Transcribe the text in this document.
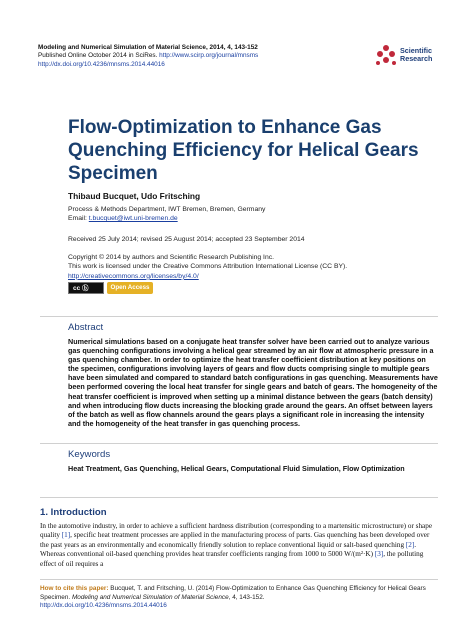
Modeling and Numerical Simulation of Material Science, 2014, 4, 143-152
Published Online October 2014 in SciRes. http://www.scirp.org/journal/mnsms
http://dx.doi.org/10.4236/mnsms.2014.44016
Scientific
Research
Flow-Optimization to Enhance Gas Quenching Efficiency for Helical Gears Specimen
Thibaud Bucquet, Udo Fritsching
Process & Methods Department, IWT Bremen, Bremen, Germany
Email: t.bucquet@iwt.uni-bremen.de
Received 25 July 2014; revised 25 August 2014; accepted 23 September 2014
Copyright © 2014 by authors and Scientific Research Publishing Inc.
This work is licensed under the Creative Commons Attribution International License (CC BY).
http://creativecommons.org/licenses/by/4.0/
cc ⓑ	Open Access
Abstract
Numerical simulations based on a conjugate heat transfer solver have been carried out to analyze various gas quenching configurations involving a helical gear streamed by an air flow at atmospheric pressure in a gas quenching chamber. In order to optimize the heat transfer coefficient distribution at key positions on the specimen, configurations involving layers of gears and flow ducts comprising single to multiple gears have been simulated and compared to standard batch configurations in gas quenching. Measurements have been performed covering the local heat transfer for single gears and batch of gears. The homogeneity of the heat transfer coefficient is improved when setting up a minimal distance between the gears (batch density) and when introducing flow ducts increasing the blocking grade around the gears. An offset between layers of the batch as well as flow channels around the gears plays a significant role in increasing the intensity and the homogeneity of the heat transfer in gas quenching process.
Keywords
Heat Treatment, Gas Quenching, Helical Gears, Computational Fluid Simulation, Flow Optimization
1. Introduction
In the automotive industry, in order to achieve a sufficient hardness distribution (corresponding to a martensitic microstructure) or shape quality [1], specific heat treatment processes are applied in the manufacturing process of parts. Gas quenching has been developed over the past years as an environmentally and economically friendly solution to replace conventional liquid or salt-based quenching [2]. Whereas conventional oil-based quenching provides heat transfer coefficients ranging from 1000 to 5000 W/(m²·K) [3], the polluting effect of oil requires a
How to cite this paper: Bucquet, T. and Fritsching, U. (2014) Flow-Optimization to Enhance Gas Quenching Efficiency for Helical Gears Specimen. Modeling and Numerical Simulation of Material Science, 4, 143-152.
http://dx.doi.org/10.4236/mnsms.2014.44016
